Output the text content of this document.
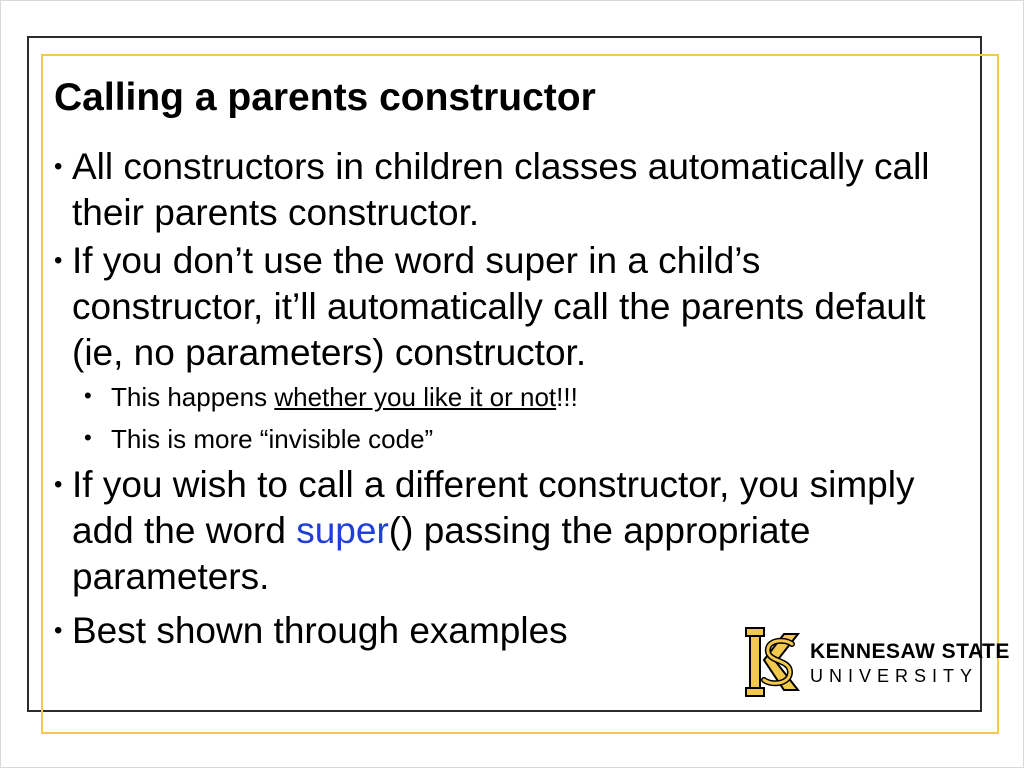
Calling a parents constructor

• All constructors in children classes automatically call their parents constructor.

• If you don’t use the word super in a child’s constructor, it’ll automatically call the parents default (ie, no parameters) constructor.

• This happens whether you like it or not!!!

• This is more “invisible code”

• If you wish to call a different constructor, you simply add the word super() passing the appropriate parameters.

• Best shown through examples

KENNESAW STATE
UNIVERSITY
